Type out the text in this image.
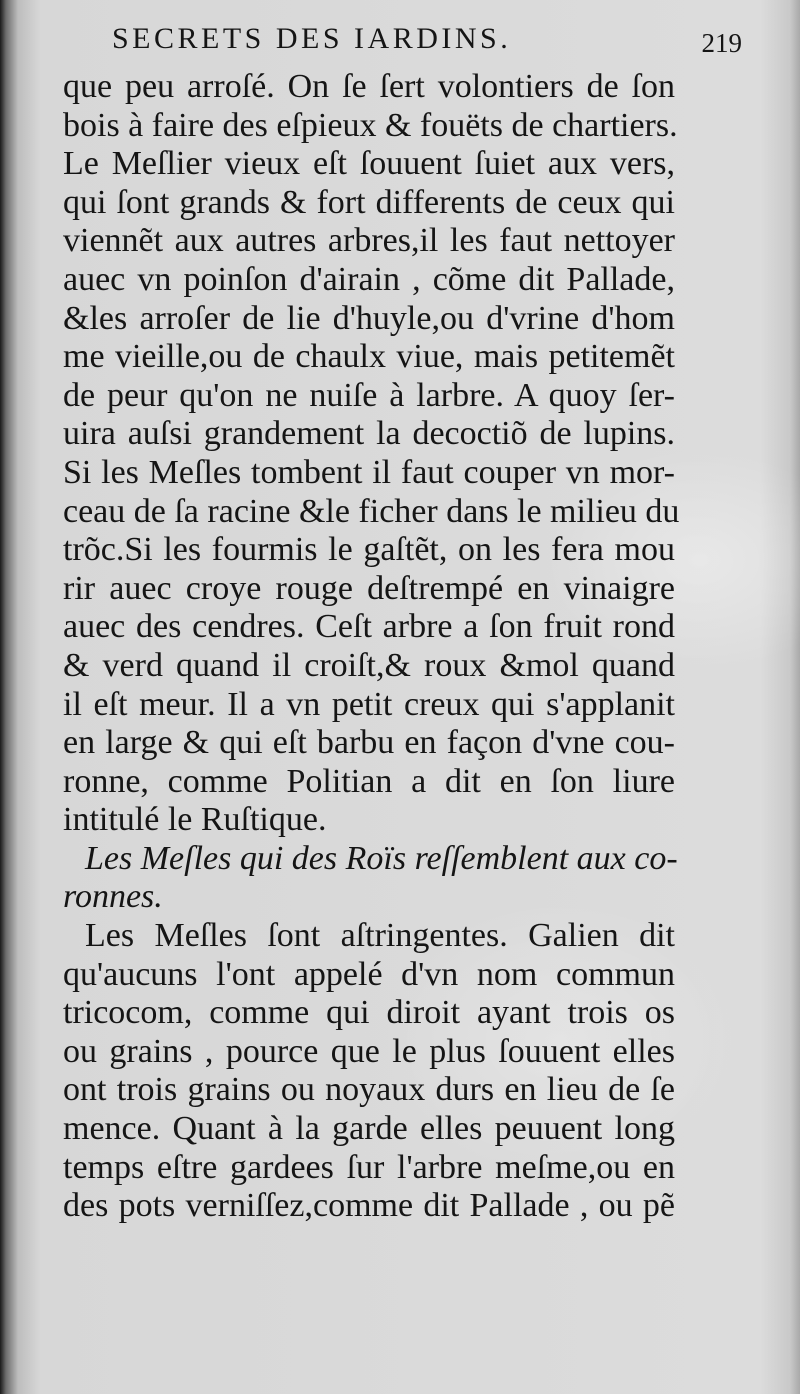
SECRETS DES IARDINS.	219
que peu arroſé. On ſe ſert volontiers de ſon
bois à faire des eſpieux & fouëts de chartiers.
Le Meſlier vieux eſt ſouuent ſuiet aux vers,
qui ſont grands & fort differents de ceux qui
viennẽt aux autres arbres,il les faut nettoyer
auec vn poinſon d'airain , cõme dit Pallade,
&les arroſer de lie d'huyle,ou d'vrine d'hom
me vieille,ou de chaulx viue, mais petitemẽt
de peur qu'on ne nuiſe à larbre. A quoy ſer-
uira auſsi grandement la decoctiõ de lupins.
Si les Meſles tombent il faut couper vn mor-
ceau de ſa racine &le ficher dans le milieu du
trõc.Si les fourmis le gaſtẽt, on les fera mou
rir auec croye rouge deſtrempé en vinaigre
auec des cendres. Ceſt arbre a ſon fruit rond
& verd quand il croiſt,& roux &mol quand
il eſt meur. Il a vn petit creux qui s'applanit
en large & qui eſt barbu en façon d'vne cou-
ronne, comme Politian a dit en ſon liure
intitulé le Ruſtique.
Les Meſles qui des Roïs reſſemblent aux co-
ronnes.
Les Meſles ſont aſtringentes. Galien dit
qu'aucuns l'ont appelé d'vn nom commun
tricocom, comme qui diroit ayant trois os
ou grains , pource que le plus ſouuent elles
ont trois grains ou noyaux durs en lieu de ſe
mence. Quant à la garde elles peuuent long
temps eſtre gardees ſur l'arbre meſme,ou en
des pots verniſſez,comme dit Pallade , ou pẽ
